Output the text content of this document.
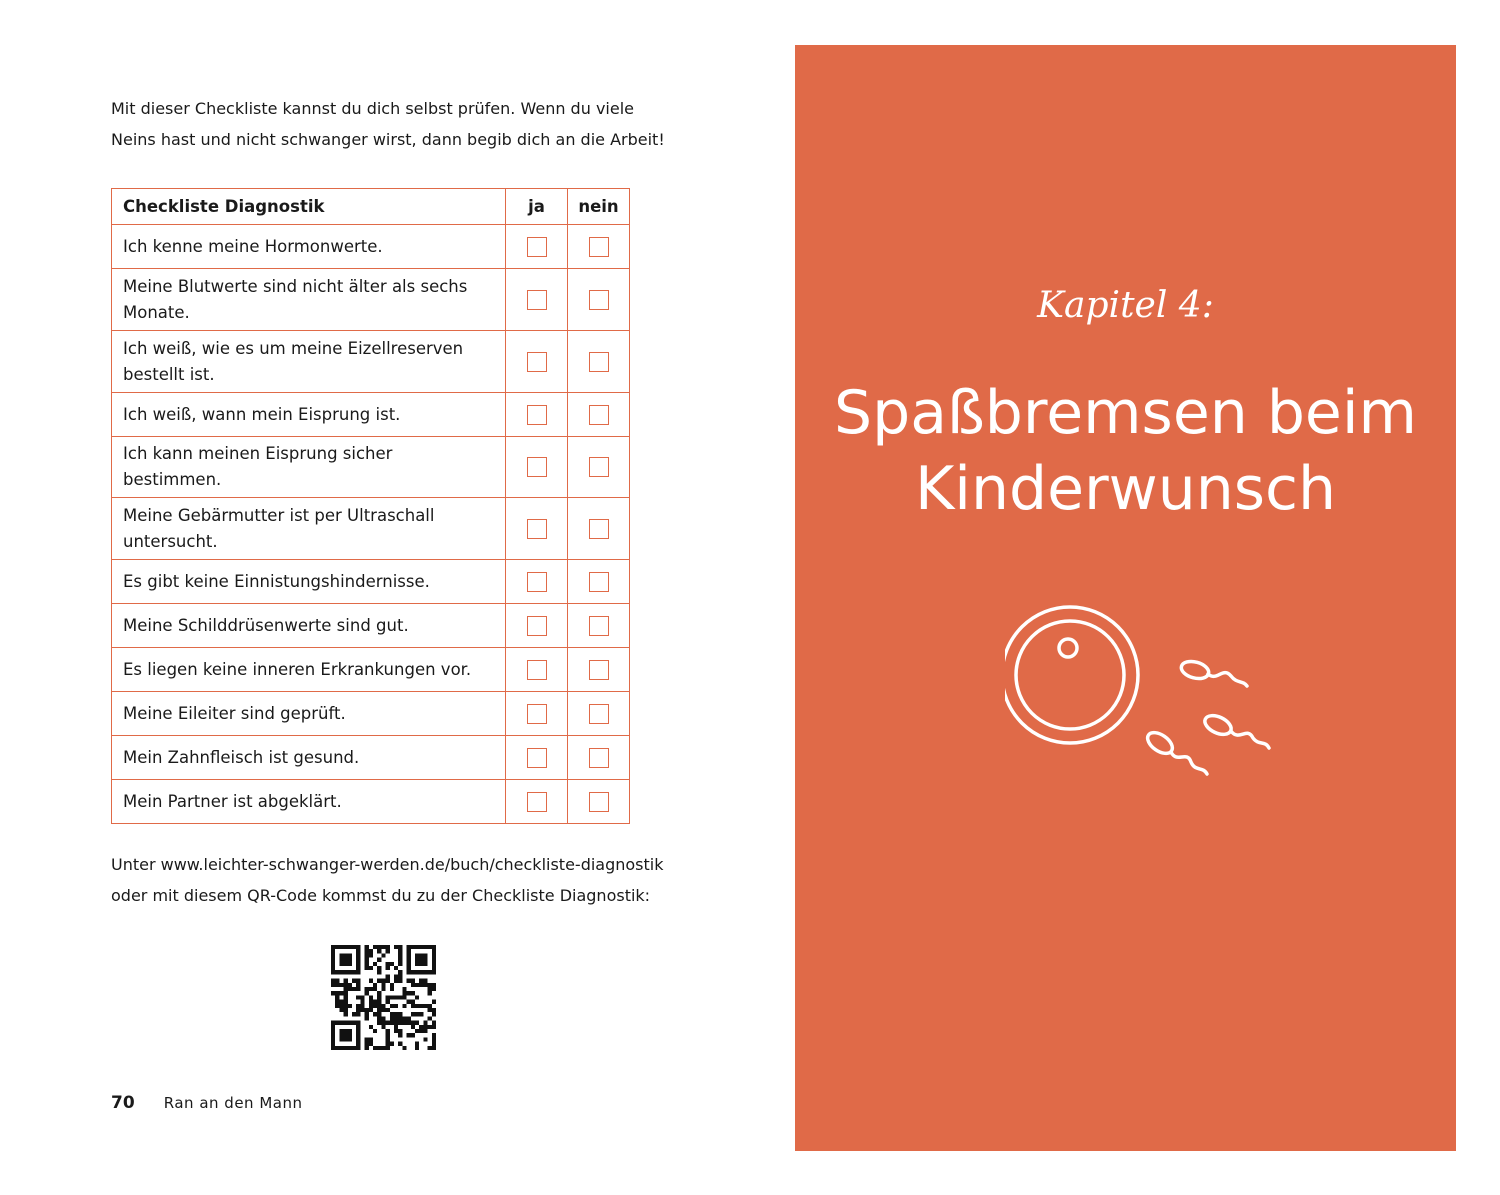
Mit dieser Checkliste kannst du dich selbst prüfen. Wenn du viele
Neins hast und nicht schwanger wirst, dann begib dich an die Arbeit!

Checkliste Diagnostik	ja	nein
Ich kenne meine Hormonwerte.		
Meine Blutwerte sind nicht älter als sechs Monate.		
Ich weiß, wie es um meine Eizellreserven bestellt ist.		
Ich weiß, wann mein Eisprung ist.		
Ich kann meinen Eisprung sicher bestimmen.		
Meine Gebärmutter ist per Ultraschall untersucht.		
Es gibt keine Einnistungshindernisse.		
Meine Schilddrüsenwerte sind gut.		
Es liegen keine inneren Erkrankungen vor.		
Meine Eileiter sind geprüft.		
Mein Zahnfleisch ist gesund.		
Mein Partner ist abgeklärt.		

Unter www.leichter-schwanger-werden.de/buch/checkliste-diagnostik
oder mit diesem QR-Code kommst du zu der Checkliste Diagnostik:

70 Ran an den Mann
Kapitel 4:
Spaßbremsen beim
Kinderwunsch
